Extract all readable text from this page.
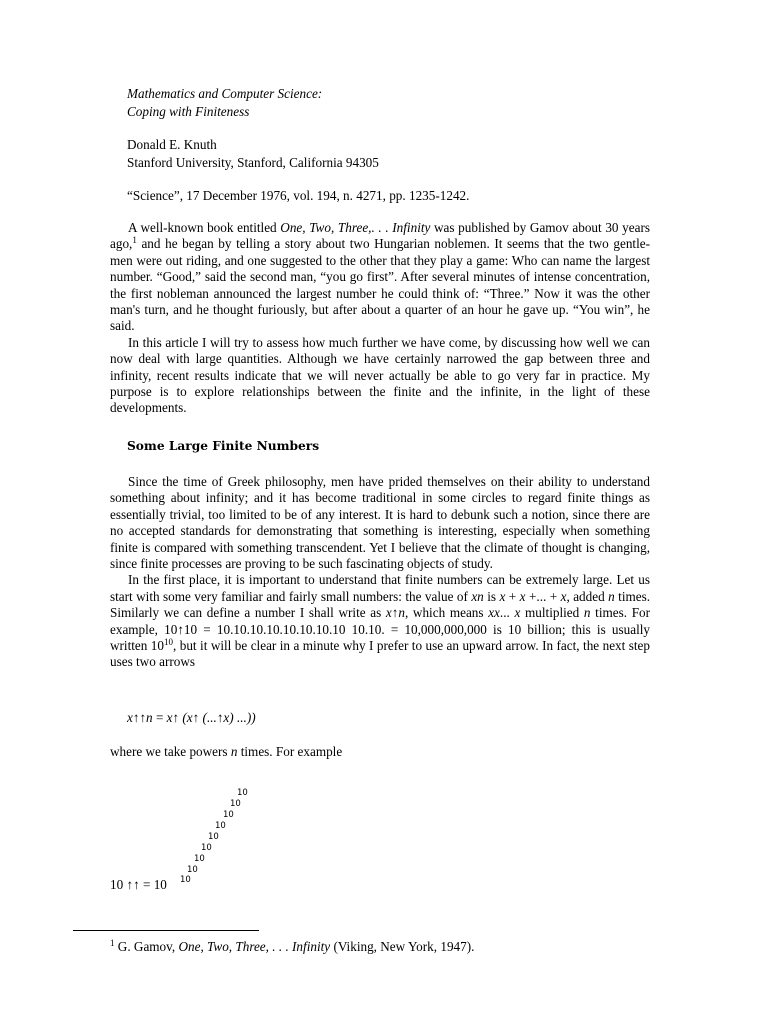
Mathematics and Computer Science:
Coping with Finiteness
Donald E. Knuth
Stanford University, Stanford, California 94305
“Science”, 17 December 1976, vol. 194, n. 4271, pp. 1235-1242.

A well-known book entitled One, Two, Three,. . . Infinity was published by Gamov about 30 years ago,$^1$ and he began by telling a story about two Hungarian noblemen. It seems that the two gentle- men were out riding, and one suggested to the other that they play a game: Who can name the largest number. “Good,” said the second man, “you go first”. After several minutes of intense concentration, the first nobleman announced the largest number he could think of: “Three.” Now it was the other man's turn, and he thought furiously, but after about a quarter of an hour he gave up. “You win”, he said.

In this article I will try to assess how much further we have come, by discussing how well we can now deal with large quantities. Although we have certainly narrowed the gap between three and infinity, recent results indicate that we will never actually be able to go very far in practice. My purpose is to explore relationships between the finite and the infinite, in the light of these developments.

Some Large Finite Numbers

Since the time of Greek philosophy, men have prided themselves on their ability to understand something about infinity; and it has become traditional in some circles to regard finite things as essentially trivial, too limited to be of any interest. It is hard to debunk such a notion, since there are no accepted standards for demonstrating that something is interesting, especially when something finite is compared with something transcendent. Yet I believe that the climate of thought is changing, since finite processes are proving to be such fascinating objects of study.

In the first place, it is important to understand that finite numbers can be extremely large. Let us start with some very familiar and fairly small numbers: the value of xn is x + x +... + x, added n times. Similarly we can define a number I shall write as x↑n, which means xx... x multiplied n times. For example, 10↑10 = 10.10.10.10.10.10.10.10 10.10. = 10,000,000,000 is 10 billion; this is usually written $10^{10}$, but it will be clear in a minute why I prefer to use an upward arrow. In fact, the next step uses two arrows

x↑↑n = x↑ (x↑ (...↑x) ...))
where we take powers n times. For example
10 ↑↑ = 10 10
10
10
10
10
10
10
10
10
$^1$ G. Gamov, One, Two, Three, . . . Infinity (Viking, New York, 1947).
